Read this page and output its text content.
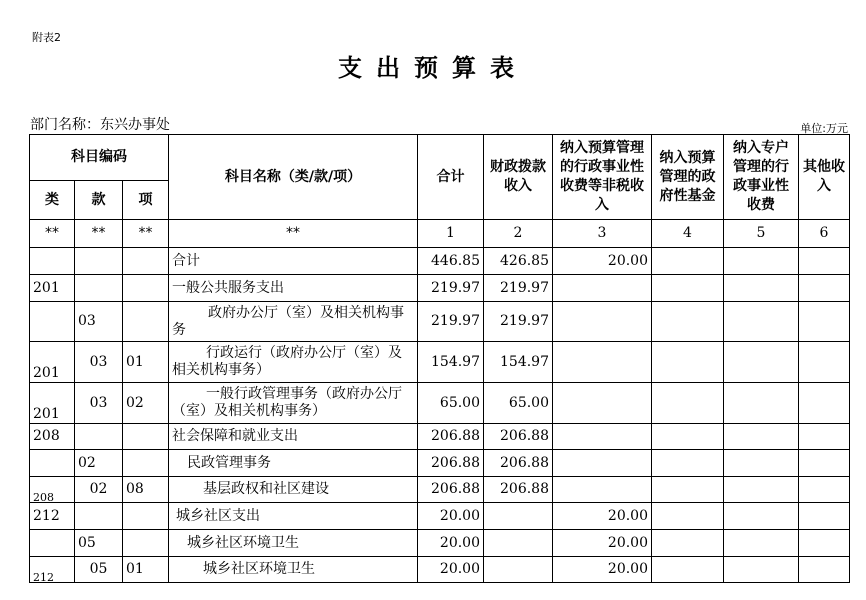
附表2
支出预算表
部门名称：东兴办事处	单位:万元
科目编码			科目名称（类/款/项）	合计	财政拨款收入	纳入预算管理的行政事业性收费等非税收入	纳入预算管理的政府性基金	纳入专户管理的行政事业性收费	其他收入
类	款	项							
**	**	**	**	1	2	3	4	5	6
			合计	446.85	426.85	20.00			
201			一般公共服务支出	219.97	219.97				
	03		政府办公厅（室）及相关机构事务	219.97	219.97				
201	03	01	行政运行（政府办公厅（室）及相关机构事务）	154.97	154.97				
201	03	02	一般行政管理事务（政府办公厅（室）及相关机构事务）	65.00	65.00				
208			社会保障和就业支出	206.88	206.88				
	02		民政管理事务	206.88	206.88				
208	02	08	基层政权和社区建设	206.88	206.88				
212			城乡社区支出	20.00		20.00			
	05		城乡社区环境卫生	20.00		20.00			
212	05	01	城乡社区环境卫生	20.00		20.00			
